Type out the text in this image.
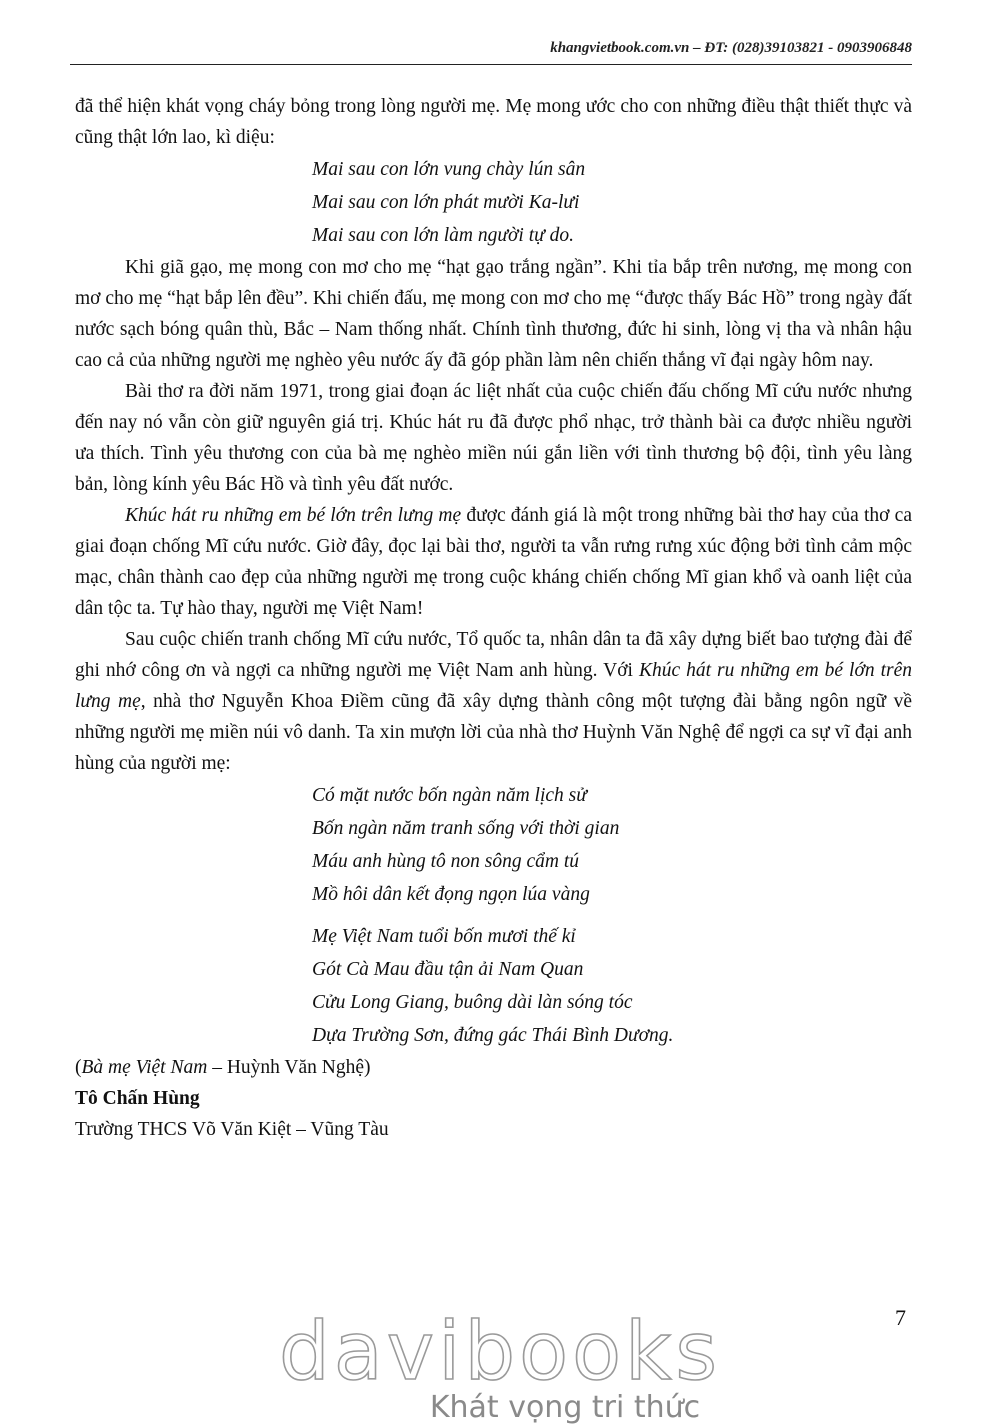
khangvietbook.com.vn – ĐT: (028)39103821 - 0903906848

đã thể hiện khát vọng cháy bỏng trong lòng người mẹ. Mẹ mong ước cho con những điều thật thiết thực và cũng thật lớn lao, kì diệu:

Mai sau con lớn vung chày lún sân
Mai sau con lớn phát mười Ka-lưi
Mai sau con lớn làm người tự do.

Khi giã gạo, mẹ mong con mơ cho mẹ “hạt gạo trắng ngần”. Khi tỉa bắp trên nương, mẹ mong con mơ cho mẹ “hạt bắp lên đều”. Khi chiến đấu, mẹ mong con mơ cho mẹ “được thấy Bác Hồ” trong ngày đất nước sạch bóng quân thù, Bắc – Nam thống nhất. Chính tình thương, đức hi sinh, lòng vị tha và nhân hậu cao cả của những người mẹ nghèo yêu nước ấy đã góp phần làm nên chiến thắng vĩ đại ngày hôm nay.

Bài thơ ra đời năm 1971, trong giai đoạn ác liệt nhất của cuộc chiến đấu chống Mĩ cứu nước nhưng đến nay nó vẫn còn giữ nguyên giá trị. Khúc hát ru đã được phổ nhạc, trở thành bài ca được nhiều người ưa thích. Tình yêu thương con của bà mẹ nghèo miền núi gắn liền với tình thương bộ đội, tình yêu làng bản, lòng kính yêu Bác Hồ và tình yêu đất nước.

Khúc hát ru những em bé lớn trên lưng mẹ được đánh giá là một trong những bài thơ hay của thơ ca giai đoạn chống Mĩ cứu nước. Giờ đây, đọc lại bài thơ, người ta vẫn rưng rưng xúc động bởi tình cảm mộc mạc, chân thành cao đẹp của những người mẹ trong cuộc kháng chiến chống Mĩ gian khổ và oanh liệt của dân tộc ta. Tự hào thay, người mẹ Việt Nam!

Sau cuộc chiến tranh chống Mĩ cứu nước, Tổ quốc ta, nhân dân ta đã xây dựng biết bao tượng đài để ghi nhớ công ơn và ngợi ca những người mẹ Việt Nam anh hùng. Với Khúc hát ru những em bé lớn trên lưng mẹ, nhà thơ Nguyễn Khoa Điềm cũng đã xây dựng thành công một tượng đài bằng ngôn ngữ về những người mẹ miền núi vô danh. Ta xin mượn lời của nhà thơ Huỳnh Văn Nghệ để ngợi ca sự vĩ đại anh hùng của người mẹ:

Có mặt nước bốn ngàn năm lịch sử
Bốn ngàn năm tranh sống với thời gian
Máu anh hùng tô non sông cẩm tú
Mồ hôi dân kết đọng ngọn lúa vàng
Mẹ Việt Nam tuổi bốn mươi thế kỉ
Gót Cà Mau đầu tận ải Nam Quan
Cửu Long Giang, buông dài làn sóng tóc
Dựa Trường Sơn, đứng gác Thái Bình Dương.

(Bà mẹ Việt Nam – Huỳnh Văn Nghệ)

Tô Chấn Hùng

Trường THCS Võ Văn Kiệt – Vũng Tàu

7
davibooks
Khát vọng tri thức
